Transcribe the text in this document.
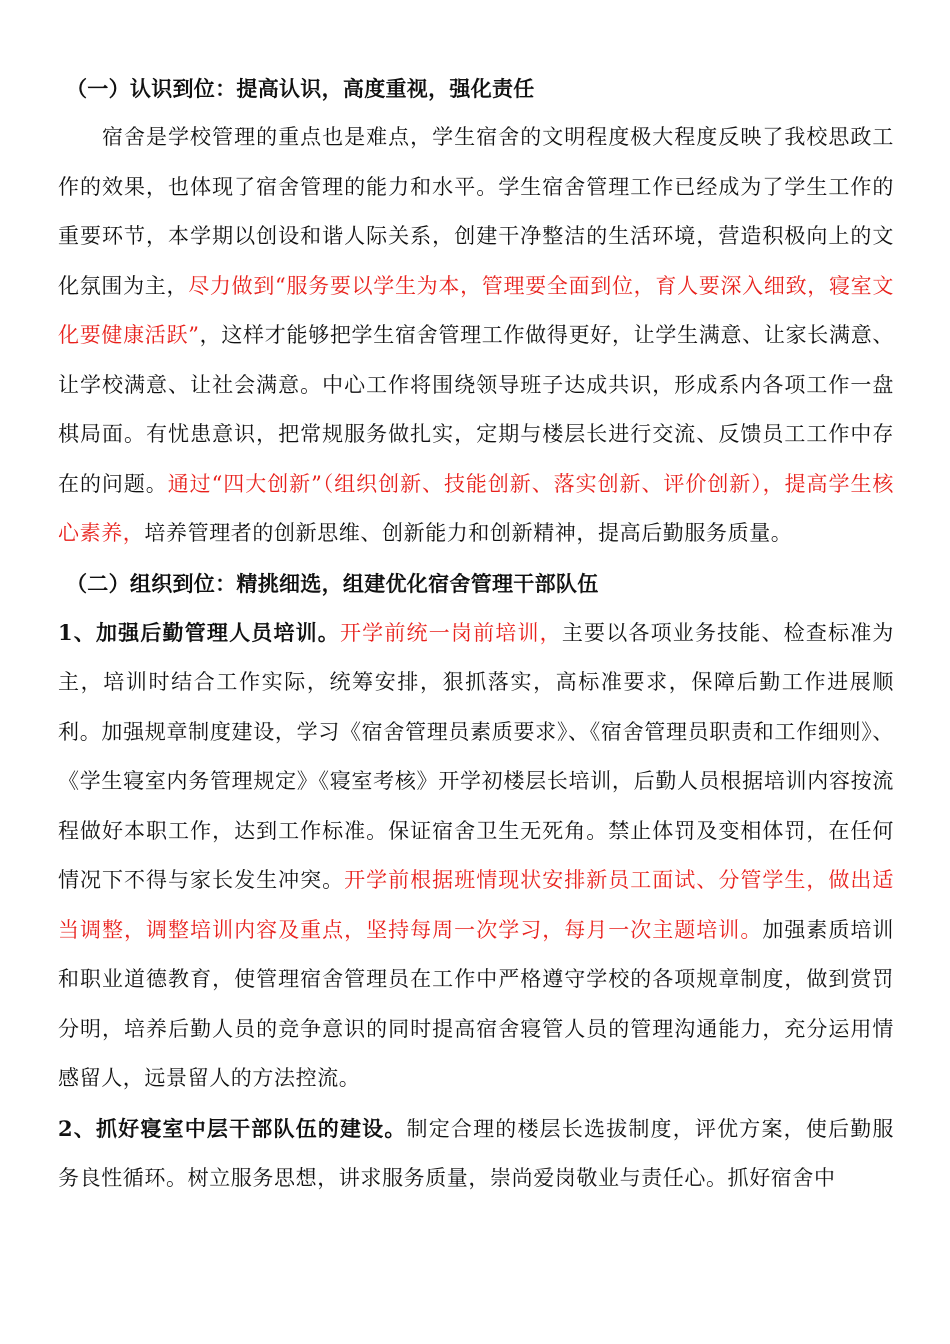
（一）认识到位：提高认识，高度重视，强化责任

宿舍是学校管理的重点也是难点，学生宿舍的文明程度极大程度反映了我校思政工作的效果，也体现了宿舍管理的能力和水平。学生宿舍管理工作已经成为了学生工作的重要环节，本学期以创设和谐人际关系，创建干净整洁的生活环境，营造积极向上的文化氛围为主，尽力做到“服务要以学生为本，管理要全面到位，育人要深入细致，寝室文化要健康活跃”，这样才能够把学生宿舍管理工作做得更好，让学生满意、让家长满意、让学校满意、让社会满意。中心工作将围绕领导班子达成共识，形成系内各项工作一盘棋局面。有忧患意识，把常规服务做扎实，定期与楼层长进行交流、反馈员工工作中存在的问题。通过“四大创新”（组织创新、技能创新、落实创新、评价创新），提高学生核心素养，培养管理者的创新思维、创新能力和创新精神，提高后勤服务质量。

（二）组织到位：精挑细选，组建优化宿舍管理干部队伍

1、加强后勤管理人员培训。开学前统一岗前培训，主要以各项业务技能、检查标准为主，培训时结合工作实际，统筹安排，狠抓落实，高标准要求，保障后勤工作进展顺利。加强规章制度建设，学习《宿舍管理员素质要求》、《宿舍管理员职责和工作细则》、《学生寝室内务管理规定》《寝室考核》开学初楼层长培训，后勤人员根据培训内容按流程做好本职工作，达到工作标准。保证宿舍卫生无死角。禁止体罚及变相体罚，在任何情况下不得与家长发生冲突。开学前根据班情现状安排新员工面试、分管学生，做出适当调整，调整培训内容及重点，坚持每周一次学习，每月一次主题培训。加强素质培训和职业道德教育，使管理宿舍管理员在工作中严格遵守学校的各项规章制度，做到赏罚分明，培养后勤人员的竞争意识的同时提高宿舍寝管人员的管理沟通能力，充分运用情感留人，远景留人的方法控流。

2、抓好寝室中层干部队伍的建设。制定合理的楼层长选拔制度，评优方案，使后勤服务良性循环。树立服务思想，讲求服务质量，崇尚爱岗敬业与责任心。抓好宿舍中
